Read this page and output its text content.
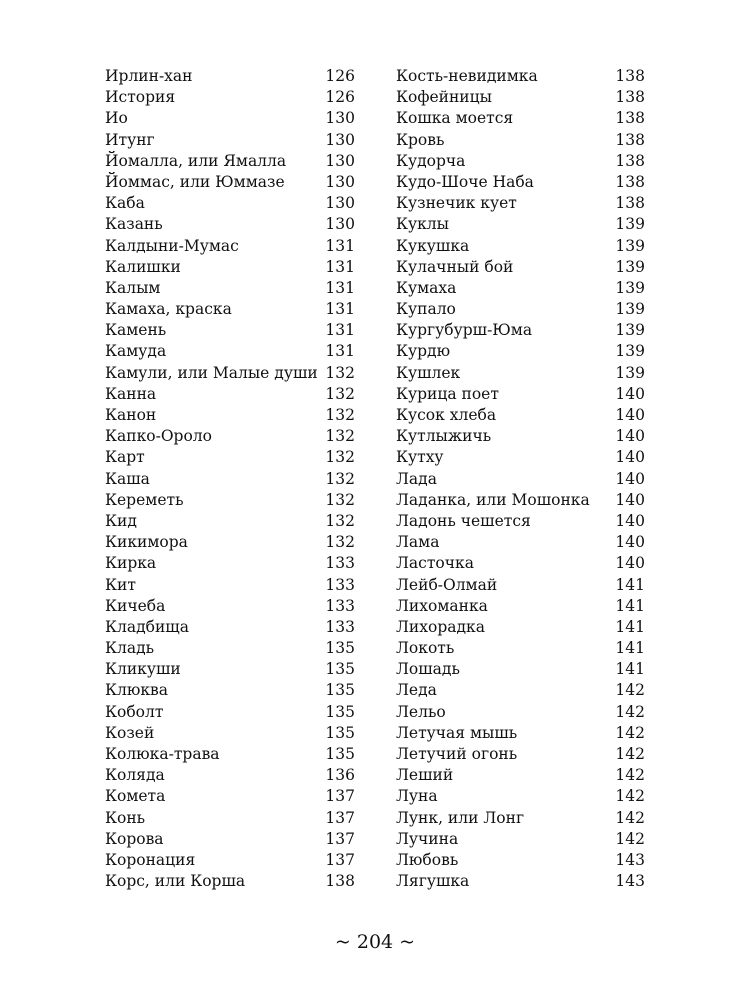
Ирлин-хан	126
История	126
Ио	130
Итунг	130
Йомалла, или Ямалла	130
Йоммас, или Юммазе	130
Каба	130
Казань	130
Калдыни-Мумас	131
Калишки	131
Калым	131
Камаха, краска	131
Камень	131
Камуда	131
Камули, или Малые души 132
Канна	132
Канон	132
Капко-Ороло	132
Карт	132
Каша	132
Кереметь	132
Кид	132
Кикимора	132
Кирка	133
Кит	133
Кичеба	133
Кладбища	133
Кладь	135
Кликуши	135
Клюква	135
Коболт	135
Козей	135
Колюка-трава	135
Коляда	136
Комета	137
Конь	137
Корова	137
Коронация	137
Корс, или Корша	138
Кость-невидимка	138
Кофейницы	138
Кошка моется	138
Кровь	138
Кудорча	138
Кудо-Шоче Наба	138
Кузнечик кует	138
Куклы	139
Кукушка	139
Кулачный бой	139
Кумаха	139
Купало	139
Кургубурш-Юма	139
Курдю	139
Кушлек	139
Курица поет	140
Кусок хлеба	140
Кутлыжичь	140
Кутху	140
Лада	140
Ладанка, или Мошонка	140
Ладонь чешется	140
Лама	140
Ласточка	140
Лейб-Олмай	141
Лихоманка	141
Лихорадка	141
Локоть	141
Лошадь	141
Леда	142
Лельо	142
Летучая мышь	142
Летучий огонь	142
Леший	142
Луна	142
Лунк, или Лонг	142
Лучина	142
Любовь	143
Лягушка	143
~ 204 ~
